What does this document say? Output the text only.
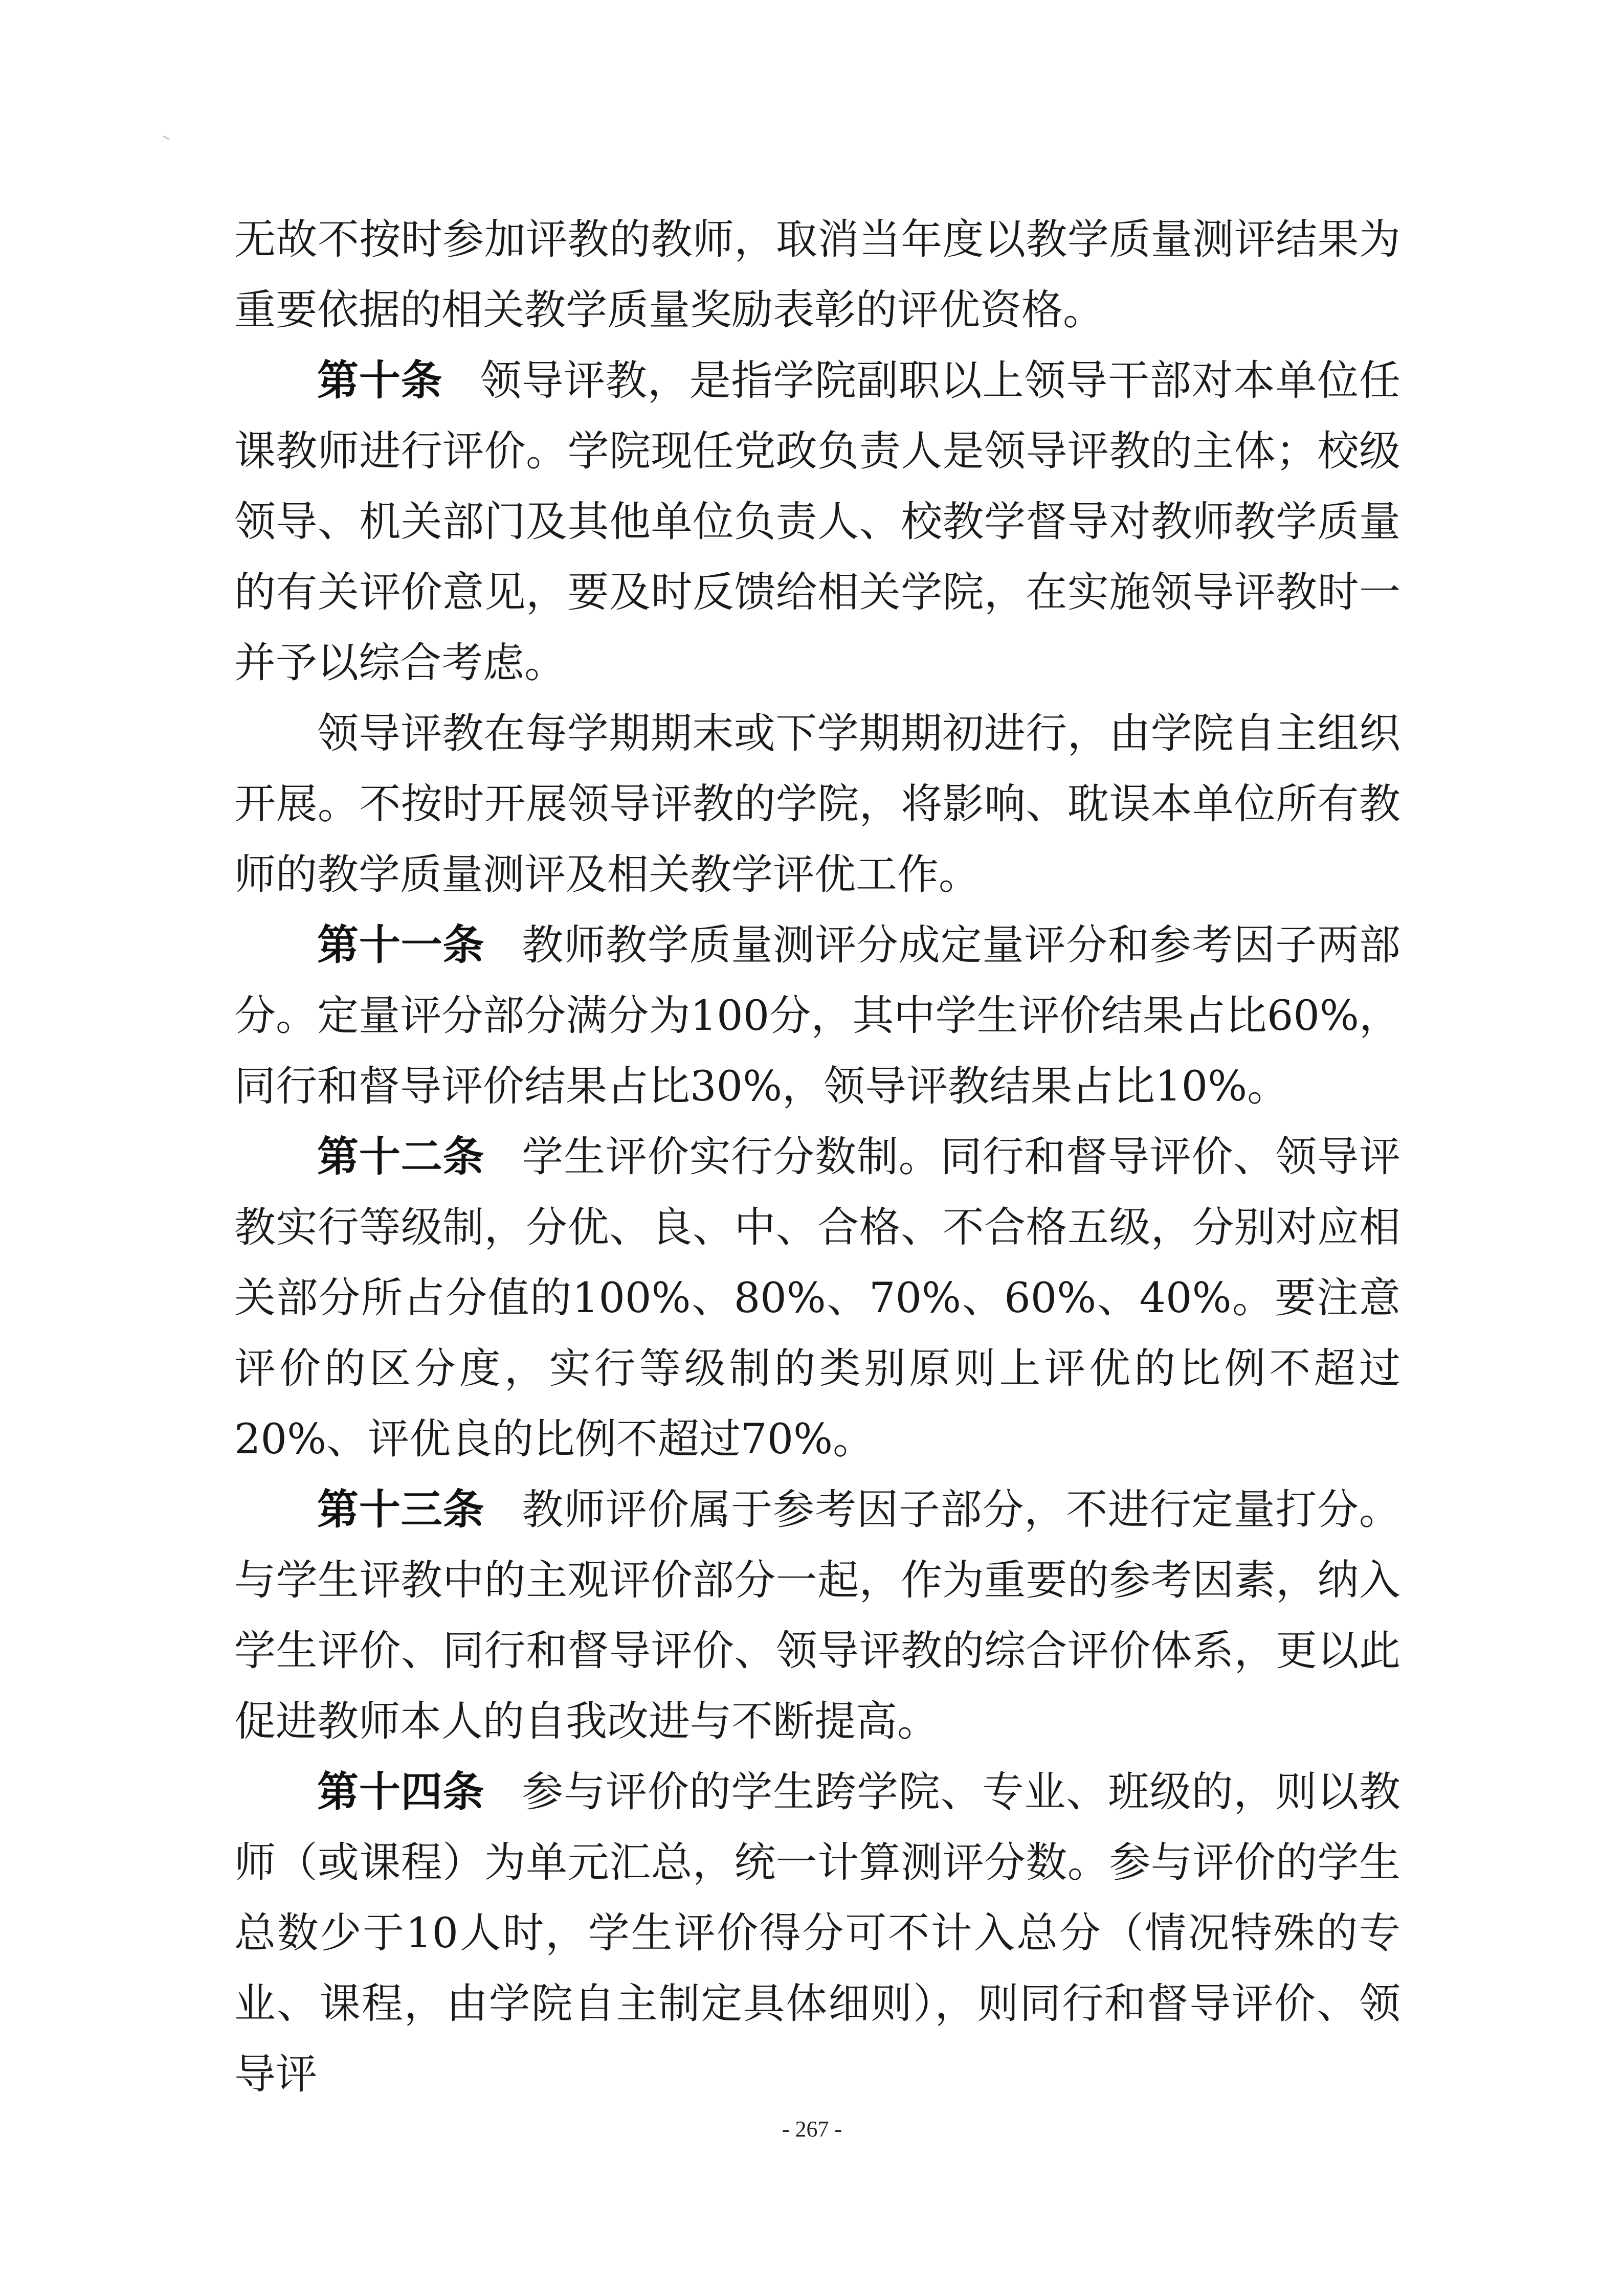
无故不按时参加评教的教师，取消当年度以教学质量测评结果为重要依据的相关教学质量奖励表彰的评优资格。

第十条 领导评教，是指学院副职以上领导干部对本单位任课教师进行评价。学院现任党政负责人是领导评教的主体；校级领导、机关部门及其他单位负责人、校教学督导对教师教学质量的有关评价意见，要及时反馈给相关学院，在实施领导评教时一并予以综合考虑。

领导评教在每学期期末或下学期期初进行，由学院自主组织开展。不按时开展领导评教的学院，将影响、耽误本单位所有教师的教学质量测评及相关教学评优工作。

第十一条 教师教学质量测评分成定量评分和参考因子两部分。定量评分部分满分为100分，其中学生评价结果占比60%，同行和督导评价结果占比30%，领导评教结果占比10%。

第十二条 学生评价实行分数制。同行和督导评价、领导评教实行等级制，分优、良、中、合格、不合格五级，分别对应相关部分所占分值的100%、80%、70%、60%、40%。要注意评价的区分度，实行等级制的类别原则上评优的比例不超过20%、评优良的比例不超过70%。

第十三条 教师评价属于参考因子部分，不进行定量打分。与学生评教中的主观评价部分一起，作为重要的参考因素，纳入学生评价、同行和督导评价、领导评教的综合评价体系，更以此促进教师本人的自我改进与不断提高。

第十四条 参与评价的学生跨学院、专业、班级的，则以教师（或课程）为单元汇总，统一计算测评分数。参与评价的学生总数少于10人时，学生评价得分可不计入总分（情况特殊的专业、课程，由学院自主制定具体细则），则同行和督导评价、领导评

- 267 -
